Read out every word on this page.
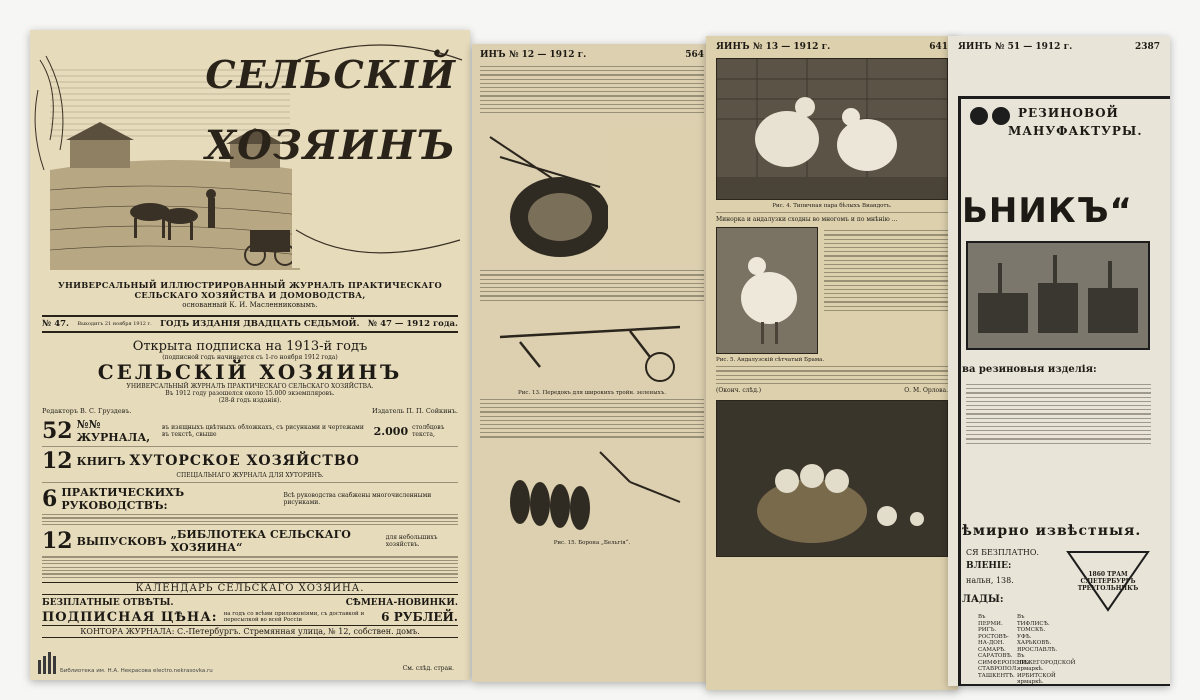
СЕЛЬСКІЙ
ХОЗЯИНЪ
УНИВЕРСАЛЬНЫЙ ИЛЛЮСТРИРОВАННЫЙ ЖУРНАЛЪ ПРАКТИЧЕСКАГО СЕЛЬСКАГО ХОЗЯЙСТВА И ДОМОВОДСТВА,
основанный К. И. Масленниковымъ.
№ 47. Выходитъ 21 ноября 1912 г. ГОДЪ ИЗДАНІЯ ДВАДЦАТЬ СЕДЬМОЙ. № 47 — 1912 года.
Открыта подписка на 1913-й годъ
(подписной годъ начинается съ 1-го ноября 1912 года)
СЕЛЬСКІЙ ХОЗЯИНЪ
УНИВЕРСАЛЬНЫЙ ЖУРНАЛЪ ПРАКТИЧЕСКАГО СЕЛЬСКАГО ХОЗЯЙСТВА.
Въ 1912 году разошелся около 15.000 экземпляровъ.
(28-й годъ изданія).
Редакторъ В. С. Груздевъ.	Издатель П. П. Сойкинъ.
52 №№ ЖУРНАЛА,
въ изящныхъ цвѣтныхъ обложкахъ, съ рисунками и чертежами въ текстѣ, свыше	2.000 столбцовъ текста,
12 КНИГЪ ХУТОРСКОЕ ХОЗЯЙСТВО
СПЕЦІАЛЬНАГО ЖУРНАЛА ДЛЯ ХУТОРЯНЪ.
6 ПРАКТИЧЕСКИХЪ РУКОВОДСТВЪ:
Всѣ руководства снабжены многочисленными рисунками.
12 ВЫПУСКОВЪ „БИБЛІОТЕКА СЕЛЬСКАГО ХОЗЯИНА“
для небольшихъ хозяйствъ.
КАЛЕНДАРЬ СЕЛЬСКАГО ХОЗЯИНА.
БЕЗПЛАТНЫЕ ОТВѢТЫ.	СѢМЕНА-НОВИНКИ.
ПОДПИСНАЯ ЦѢНА: на годъ со всѣми приложеніями, съ доставкой и пересылкой во всей Россіи	6 РУБЛЕЙ.
КОНТОРА ЖУРНАЛА: С.-Петербургъ. Стремянная улица, № 12, собствен. домъ.
Библиотека им. Н.А. Некрасова electro.nekrasovka.ru	См. слѣд. стран.
ИНЪ № 12 — 1912 г.	564
Рис. 13. Передокъ для широкихъ тройн. зеленыхъ.
Рис. 15. Борона „Бельгія“.
ЯИНЪ № 13 — 1912 г.	641
Рис. 4. Типичная пара бѣлыхъ Виандотъ.
Минорка и андалузки сходны во многомъ и по мнѣнію ...
Рис. 5. Андалузскій сѣтчатый Брама.
(Оконч. слѣд.)	О. М. Орлова.
ЯИНЪ № 51 — 1912 г.	2387
РЕЗИНОВОЙ
МАНУФАКТУРЫ.
ЬНИКЪ“
ва резиновыя изделія:
ѣмирно извѣстныя.
СЯ БЕЗПЛАТНО.
ВЛЕНІЕ:
нальн, 138.
ЛАДЫ:
Въ ПЕРМИ.
РИГЪ.
РОСТОВѢ-НА-ДОН.
САМАРѢ.
САРАТОВѢ.
СИМФЕРОПОЛѢ.
СТАВРОПОЛ.
ТАШКЕНТѢ.
Въ ТИФЛИСѢ.
ТОМСКѢ.
УФѢ.
ХАРЬКОВѢ.
ЯРОСЛАВЛѢ.
Въ НИЖЕГОРОДСКОЙ ярмаркѣ.
ИРБИТСКОЙ ярмаркѣ.
1860 ТРАМ С.ПЕТЕРБУРГЪ ТРЕУГОЛЬНИКЪ
